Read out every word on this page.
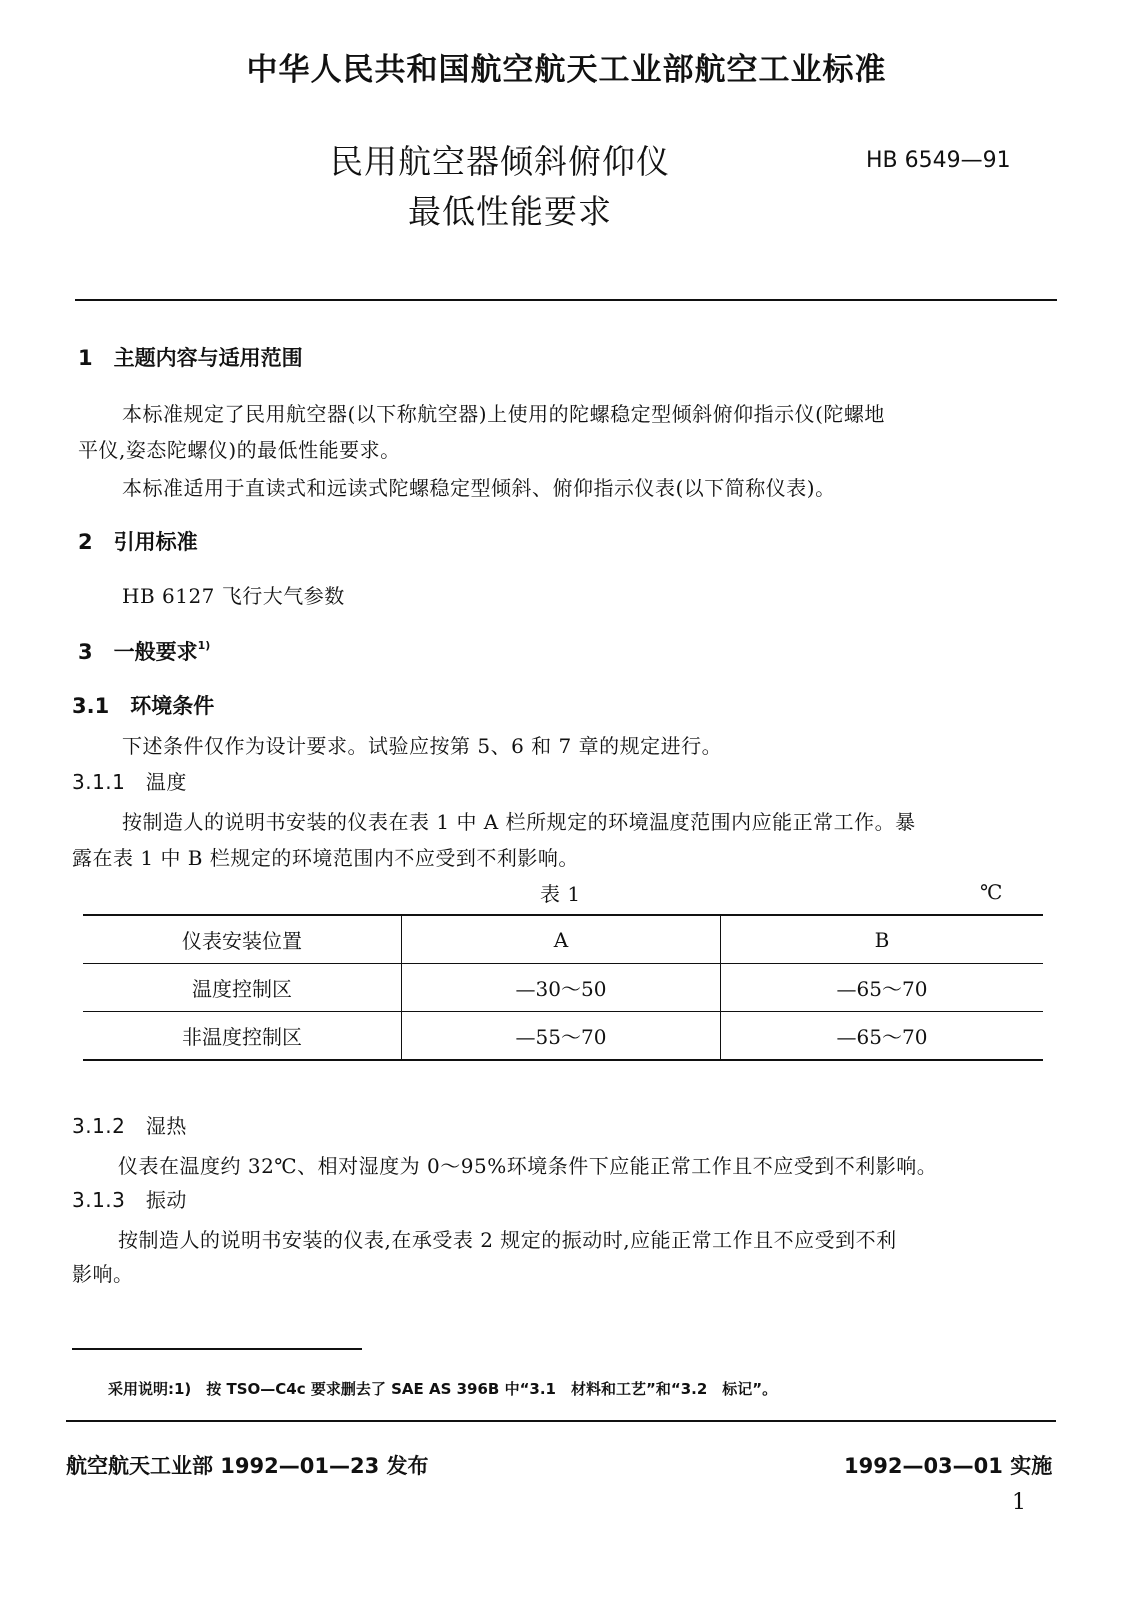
中华人民共和国航空航天工业部航空工业标准
民用航空器倾斜俯仰仪
最低性能要求
HB 6549—91
1　主题内容与适用范围
本标准规定了民用航空器(以下称航空器)上使用的陀螺稳定型倾斜俯仰指示仪(陀螺地
平仪,姿态陀螺仪)的最低性能要求。
本标准适用于直读式和远读式陀螺稳定型倾斜、俯仰指示仪表(以下简称仪表)。
2　引用标准
HB 6127 飞行大气参数
3　一般要求$^{1)}$
3.1　环境条件
下述条件仅作为设计要求。试验应按第 5、6 和 7 章的规定进行。
3.1.1　温度
按制造人的说明书安装的仪表在表 1 中 A 栏所规定的环境温度范围内应能正常工作。暴
露在表 1 中 B 栏规定的环境范围内不应受到不利影响。
表 1	℃
仪表安装位置	A	B
温度控制区	—30～50	—65～70
非温度控制区	—55～70	—65～70
3.1.2　湿热
仪表在温度约 32℃、相对湿度为 0～95%环境条件下应能正常工作且不应受到不利影响。
3.1.3　振动
按制造人的说明书安装的仪表,在承受表 2 规定的振动时,应能正常工作且不应受到不利
影响。
采用说明:1)　按 TSO—C4c 要求删去了 SAE AS 396B 中“3.1　材料和工艺”和“3.2　标记”。
航空航天工业部 1992—01—23 发布	1992—03—01 实施
1
